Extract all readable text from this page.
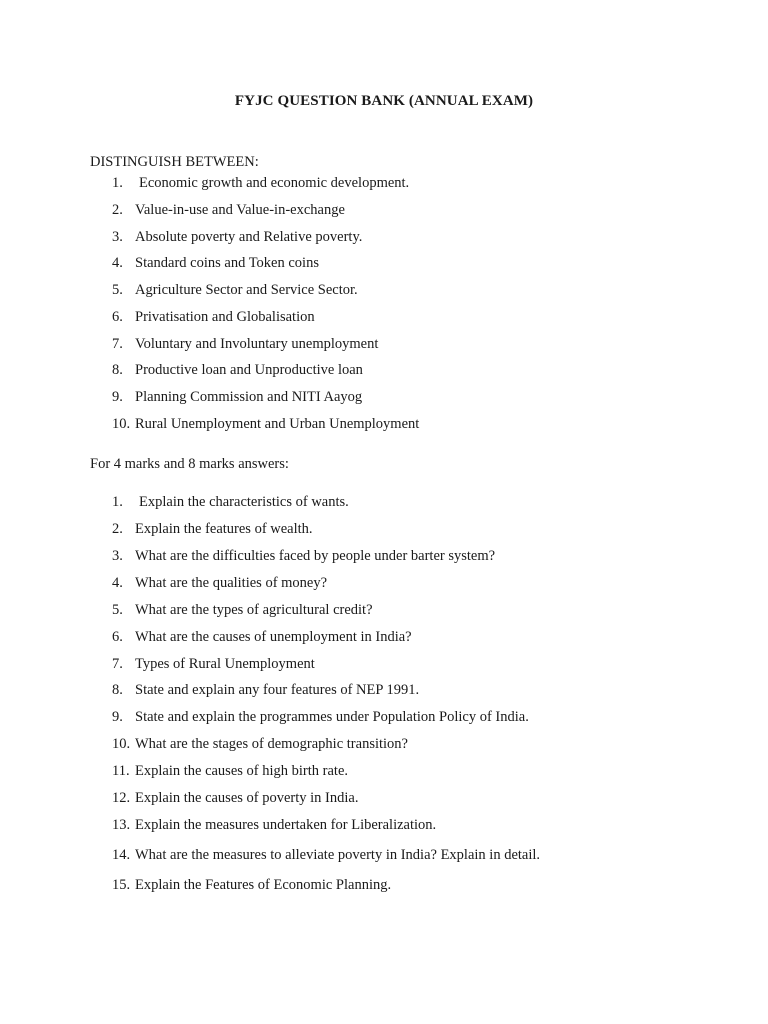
FYJC QUESTION BANK (ANNUAL EXAM)
DISTINGUISH BETWEEN:
1.	Economic growth and economic development.
2. Value-in-use and Value-in-exchange
3. Absolute poverty and Relative poverty.
4. Standard coins and Token coins
5. Agriculture Sector and Service Sector.
6. Privatisation and Globalisation
7. Voluntary and Involuntary unemployment
8. Productive loan and Unproductive loan
9. Planning Commission and NITI Aayog
10. Rural Unemployment and Urban Unemployment
For 4 marks and 8 marks answers:
1.	Explain the characteristics of wants.
2. Explain the features of wealth.
3. What are the difficulties faced by people under barter system?
4. What are the qualities of money?
5. What are the types of agricultural credit?
6. What are the causes of unemployment in India?
7. Types of Rural Unemployment
8. State and explain any four features of NEP 1991.
9. State and explain the programmes under Population Policy of India.
10. What are the stages of demographic transition?
11. Explain the causes of high birth rate.
12. Explain the causes of poverty in India.
13. Explain the measures undertaken for Liberalization.
14. What are the measures to alleviate poverty in India? Explain in detail.
15. Explain the Features of Economic Planning.
